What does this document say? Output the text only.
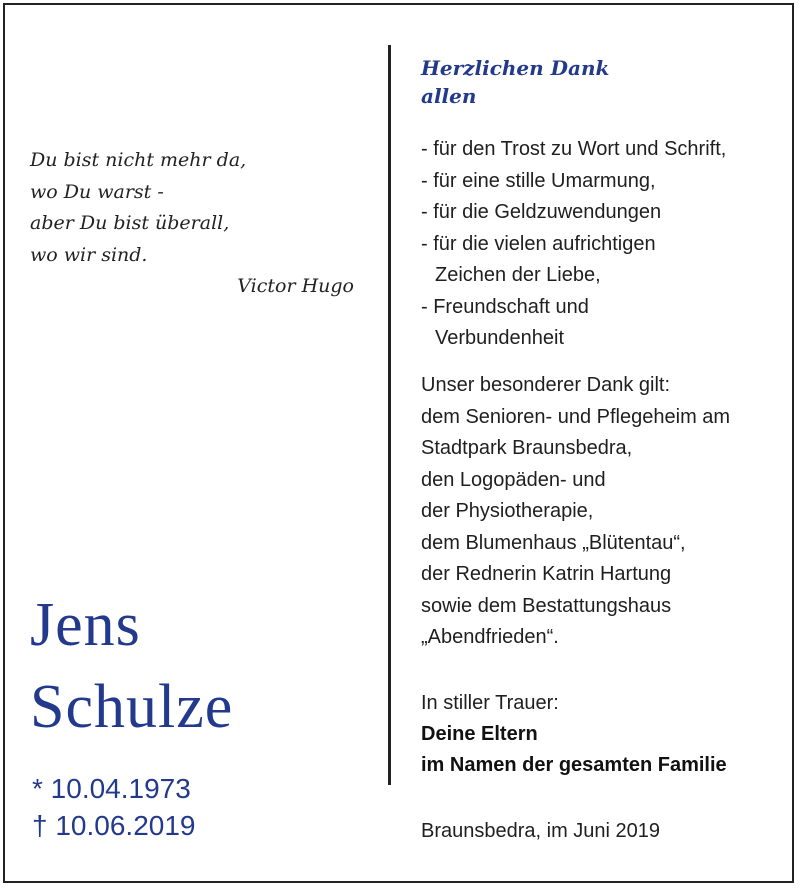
Du bist nicht mehr da,
wo Du warst -
aber Du bist überall,
wo wir sind.
Victor Hugo
Jens
Schulze
* 10.04.1973
† 10.06.2019
Herzlichen Dank
allen
- für den Trost zu Wort und Schrift,
- für eine stille Umarmung,
- für die Geldzuwendungen
- für die vielen aufrichtigen
Zeichen der Liebe,
- Freundschaft und
Verbundenheit
Unser besonderer Dank gilt:
dem Senioren- und Pflegeheim am
Stadtpark Braunsbedra,
den Logopäden- und
der Physiotherapie,
dem Blumenhaus „Blütentau“,
der Rednerin Katrin Hartung
sowie dem Bestattungshaus
„Abendfrieden“.
In stiller Trauer:
Deine Eltern
im Namen der gesamten Familie
Braunsbedra, im Juni 2019
